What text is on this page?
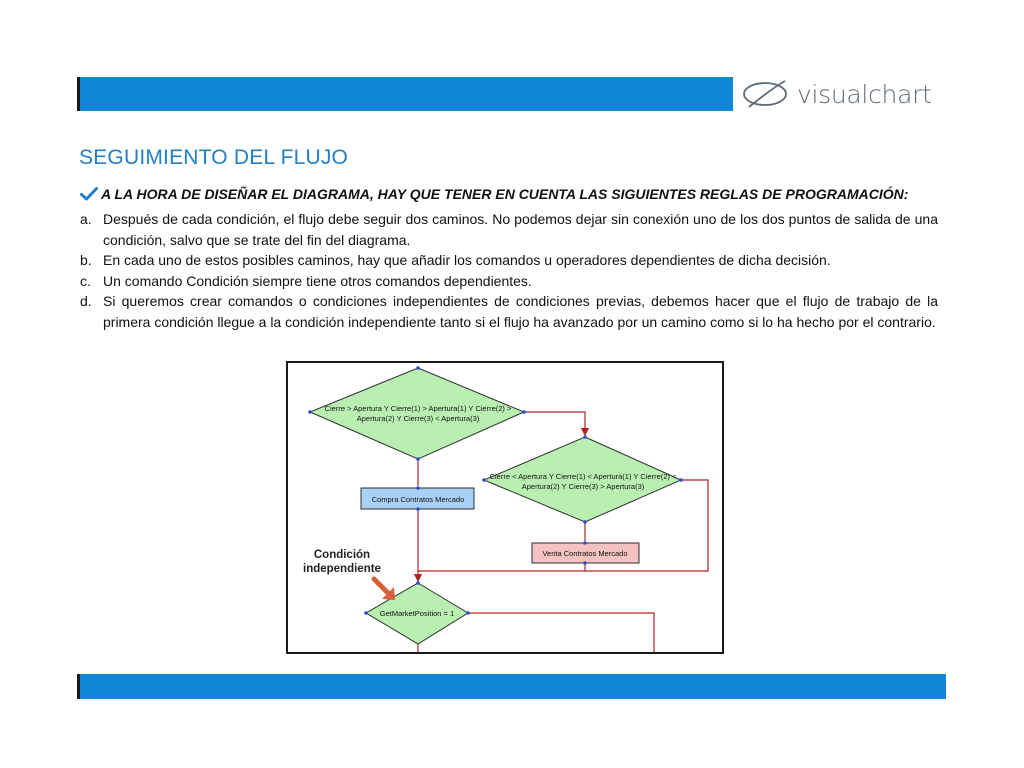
visualchart
SEGUIMIENTO DEL FLUJO
A LA HORA DE DISEÑAR EL DIAGRAMA, HAY QUE TENER EN CUENTA LAS SIGUIENTES REGLAS DE PROGRAMACIÓN:
a. Después de cada condición, el flujo debe seguir dos caminos. No podemos dejar sin conexión uno de los dos puntos de salida de una condición, salvo que se trate del fin del diagrama.
b. En cada uno de estos posibles caminos, hay que añadir los comandos u operadores dependientes de dicha decisión.
c. Un comando Condición siempre tiene otros comandos dependientes.
d. Si queremos crear comandos o condiciones independientes de condiciones previas, debemos hacer que el flujo de trabajo de la primera condición llegue a la condición independiente tanto si el flujo ha avanzado por un camino como si lo ha hecho por el contrario.
Cierre > Apertura Y Cierre(1) > Apertura(1) Y Cierre(2) >
Apertura(2) Y Cierre(3) < Apertura(3)
Cierre < Apertura Y Cierre(1) < Apertura(1) Y Cierre(2) <
Apertura(2) Y Cierre(3) > Apertura(3)
Compra Contratos Mercado
Venta Contratos Mercado
GetMarketPosition = 1
Condición
independiente
